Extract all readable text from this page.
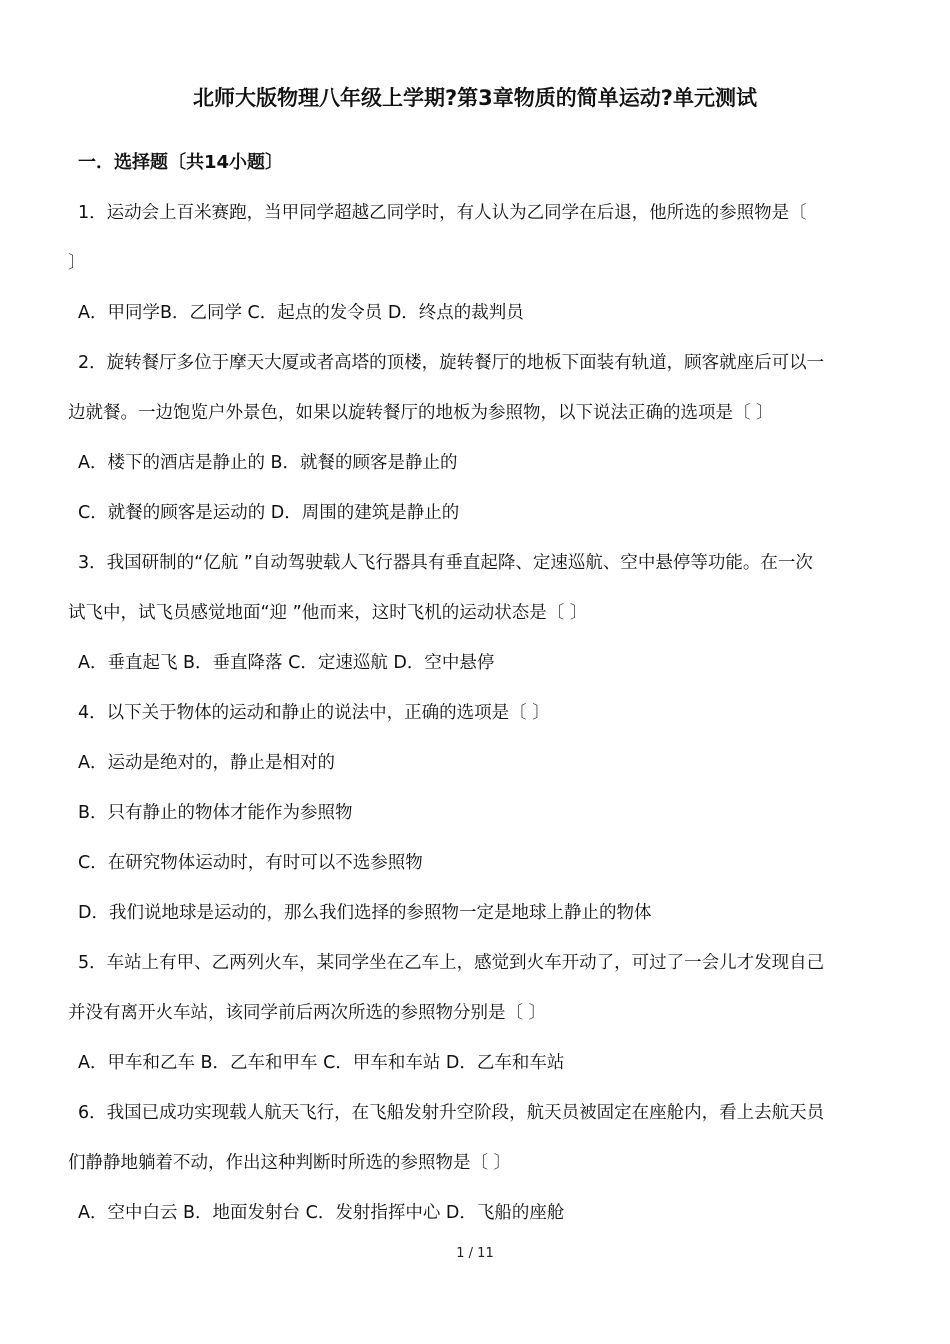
北师大版物理八年级上学期?第3章物质的简单运动?单元测试
一．选择题〔共14小题〕
1．运动会上百米赛跑，当甲同学超越乙同学时，有人认为乙同学在后退，他所选的参照物是〔
〕
A．甲同学B．乙同学 C．起点的发令员 D．终点的裁判员
2．旋转餐厅多位于摩天大厦或者高塔的顶楼，旋转餐厅的地板下面装有轨道，顾客就座后可以一
边就餐。一边饱览户外景色，如果以旋转餐厅的地板为参照物，以下说法正确的选项是〔 〕
A．楼下的酒店是静止的 B．就餐的顾客是静止的
C．就餐的顾客是运动的 D．周围的建筑是静止的
3．我国研制的“亿航 ”自动驾驶载人飞行器具有垂直起降、定速巡航、空中悬停等功能。在一次
试飞中，试飞员感觉地面“迎 ”他而来，这时飞机的运动状态是〔 〕
A．垂直起飞 B．垂直降落 C．定速巡航 D．空中悬停
4．以下关于物体的运动和静止的说法中，正确的选项是〔 〕
A．运动是绝对的，静止是相对的
B．只有静止的物体才能作为参照物
C．在研究物体运动时，有时可以不选参照物
D．我们说地球是运动的，那么我们选择的参照物一定是地球上静止的物体
5．车站上有甲、乙两列火车，某同学坐在乙车上，感觉到火车开动了，可过了一会儿才发现自己
并没有离开火车站，该同学前后两次所选的参照物分别是〔 〕
A．甲车和乙车 B．乙车和甲车 C．甲车和车站 D．乙车和车站
6．我国已成功实现载人航天飞行，在飞船发射升空阶段，航天员被固定在座舱内，看上去航天员
们静静地躺着不动，作出这种判断时所选的参照物是〔 〕
A．空中白云 B．地面发射台 C．发射指挥中心 D．飞船的座舱
1 / 11
